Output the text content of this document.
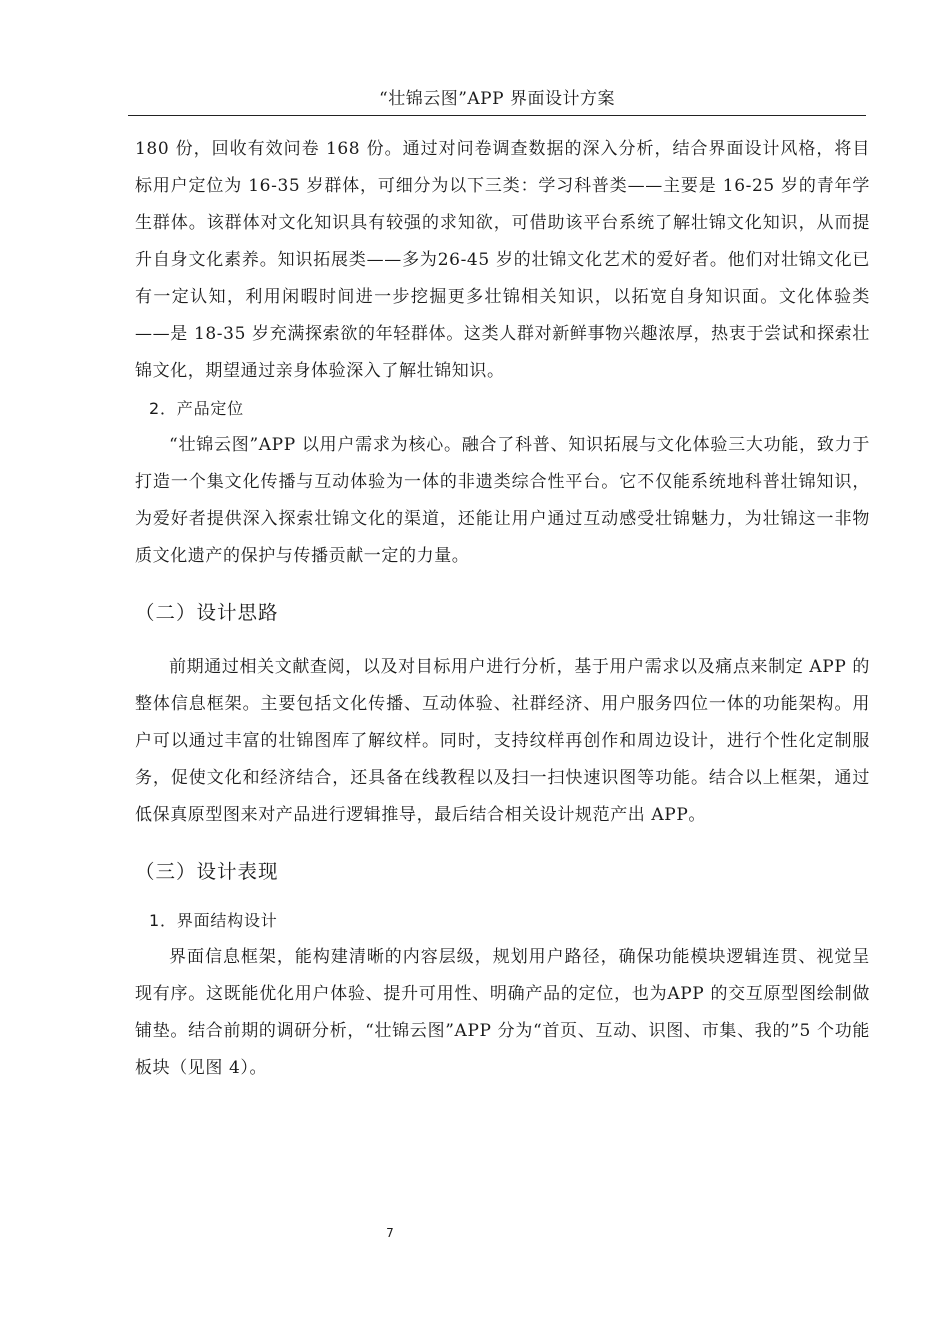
“壮锦云图”APP 界面设计方案

180 份，回收有效问卷 168 份。通过对问卷调查数据的深入分析，结合界面设计风格，将目标用户定位为 16-35 岁群体，可细分为以下三类：学习科普类——主要是 16-25 岁的青年学生群体。该群体对文化知识具有较强的求知欲，可借助该平台系统了解壮锦文化知识，从而提升自身文化素养。知识拓展类——多为26-45 岁的壮锦文化艺术的爱好者。他们对壮锦文化已有一定认知，利用闲暇时间进一步挖掘更多壮锦相关知识，以拓宽自身知识面。文化体验类——是 18-35 岁充满探索欲的年轻群体。这类人群对新鲜事物兴趣浓厚，热衷于尝试和探索壮锦文化，期望通过亲身体验深入了解壮锦知识。

2．产品定位

“壮锦云图”APP 以用户需求为核心。融合了科普、知识拓展与文化体验三大功能，致力于打造一个集文化传播与互动体验为一体的非遗类综合性平台。它不仅能系统地科普壮锦知识，为爱好者提供深入探索壮锦文化的渠道，还能让用户通过互动感受壮锦魅力，为壮锦这一非物质文化遗产的保护与传播贡献一定的力量。

（二）设计思路

前期通过相关文献查阅，以及对目标用户进行分析，基于用户需求以及痛点来制定 APP 的整体信息框架。主要包括文化传播、互动体验、社群经济、用户服务四位一体的功能架构。用户可以通过丰富的壮锦图库了解纹样。同时，支持纹样再创作和周边设计，进行个性化定制服务，促使文化和经济结合，还具备在线教程以及扫一扫快速识图等功能。结合以上框架，通过低保真原型图来对产品进行逻辑推导，最后结合相关设计规范产出 APP。

（三）设计表现

1．界面结构设计

界面信息框架，能构建清晰的内容层级，规划用户路径，确保功能模块逻辑连贯、视觉呈现有序。这既能优化用户体验、提升可用性、明确产品的定位，也为APP 的交互原型图绘制做铺垫。结合前期的调研分析，“壮锦云图”APP 分为“首页、互动、识图、市集、我的”5 个功能板块（见图 4）。

7
